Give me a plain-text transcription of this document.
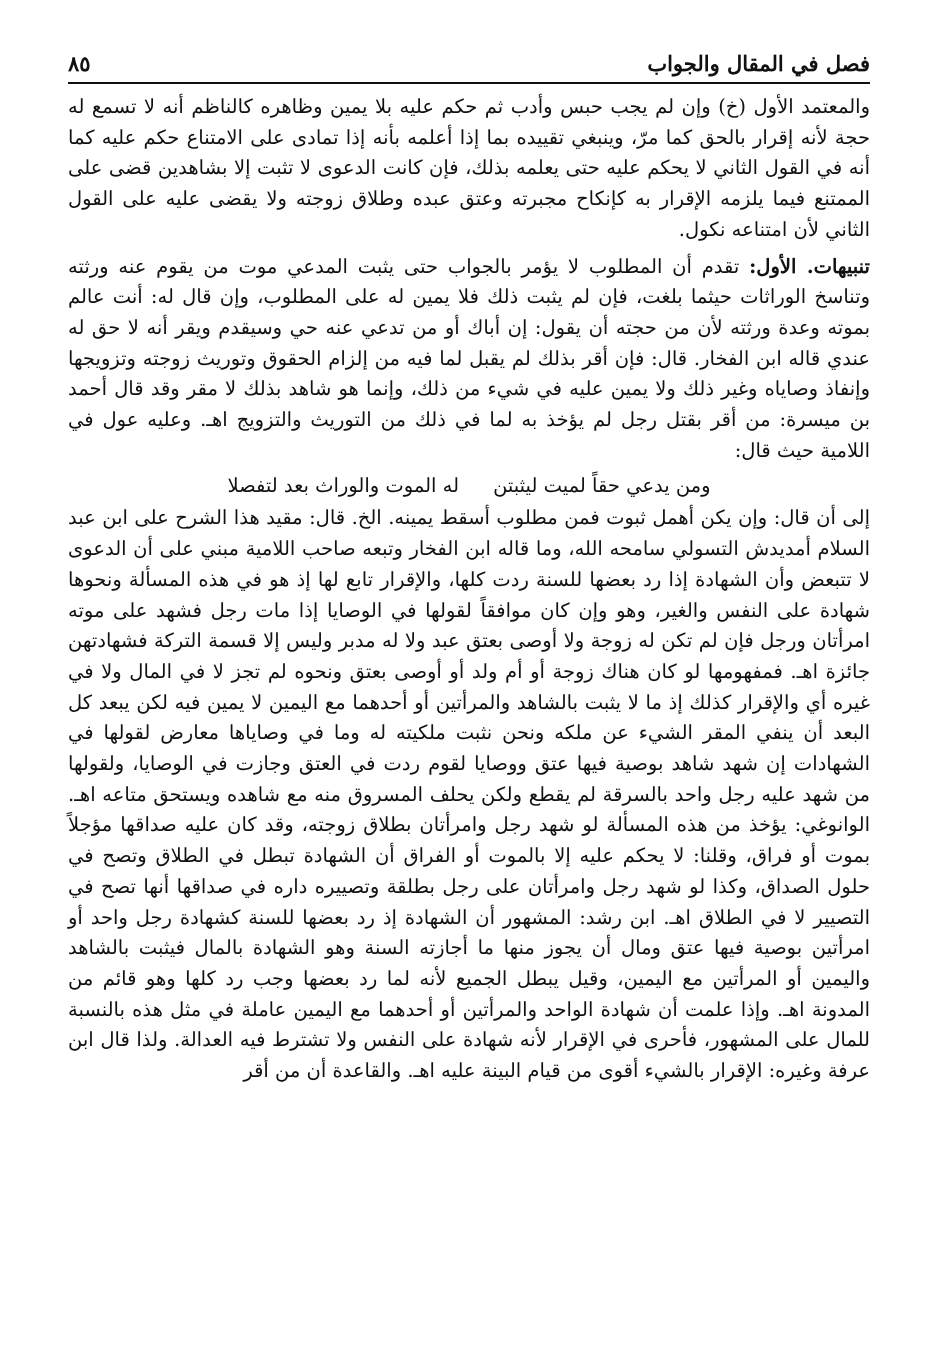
فصل في المقال والجواب
٨٥

والمعتمد الأول (خ) وإن لم يجب حبس وأدب ثم حكم عليه بلا يمين وظاهره كالناظم أنه لا تسمع له حجة لأنه إقرار بالحق كما مرّ، وينبغي تقييده بما إذا أعلمه بأنه إذا تمادى على الامتناع حكم عليه كما أنه في القول الثاني لا يحكم عليه حتى يعلمه بذلك، فإن كانت الدعوى لا تثبت إلا بشاهدين قضى على الممتنع فيما يلزمه الإقرار به كإنكاح مجبرته وعتق عبده وطلاق زوجته ولا يقضى عليه على القول الثاني لأن امتناعه نكول.

تنبيهات. الأول: تقدم أن المطلوب لا يؤمر بالجواب حتى يثبت المدعي موت من يقوم عنه ورثته وتناسخ الوراثات حيثما بلغت، فإن لم يثبت ذلك فلا يمين له على المطلوب، وإن قال له: أنت عالم بموته وعدة ورثته لأن من حجته أن يقول: إن أباك أو من تدعي عنه حي وسيقدم ويقر أنه لا حق له عندي قاله ابن الفخار. قال: فإن أقر بذلك لم يقبل لما فيه من إلزام الحقوق وتوريث زوجته وتزويجها وإنفاذ وصاياه وغير ذلك ولا يمين عليه في شيء من ذلك، وإنما هو شاهد بذلك لا مقر وقد قال أحمد بن ميسرة: من أقر بقتل رجل لم يؤخذ به لما في ذلك من التوريث والتزويج اهـ. وعليه عول في اللامية حيث قال:

ومن يدعي حقاً لميت ليثبتن
له الموت والوراث بعد لتفصلا

إلى أن قال: وإن يكن أهمل ثبوت فمن مطلوب أسقط يمينه. الخ. قال: مقيد هذا الشرح على ابن عبد السلام أمديدش التسولي سامحه الله، وما قاله ابن الفخار وتبعه صاحب اللامية مبني على أن الدعوى لا تتبعض وأن الشهادة إذا رد بعضها للسنة ردت كلها، والإقرار تابع لها إذ هو في هذه المسألة ونحوها شهادة على النفس والغير، وهو وإن كان موافقاً لقولها في الوصايا إذا مات رجل فشهد على موته امرأتان ورجل فإن لم تكن له زوجة ولا أوصى بعتق عبد ولا له مدبر وليس إلا قسمة التركة فشهادتهن جائزة اهـ. فمفهومها لو كان هناك زوجة أو أم ولد أو أوصى بعتق ونحوه لم تجز لا في المال ولا في غيره أي والإقرار كذلك إذ ما لا يثبت بالشاهد والمرأتين أو أحدهما مع اليمين لا يمين فيه لكن يبعد كل البعد أن ينفي المقر الشيء عن ملكه ونحن نثبت ملكيته له وما في وصاياها معارض لقولها في الشهادات إن شهد شاهد بوصية فيها عتق ووصايا لقوم ردت في العتق وجازت في الوصايا، ولقولها من شهد عليه رجل واحد بالسرقة لم يقطع ولكن يحلف المسروق منه مع شاهده ويستحق متاعه اهـ. الوانوغي: يؤخذ من هذه المسألة لو شهد رجل وامرأتان بطلاق زوجته، وقد كان عليه صداقها مؤجلاً بموت أو فراق، وقلنا: لا يحكم عليه إلا بالموت أو الفراق أن الشهادة تبطل في الطلاق وتصح في حلول الصداق، وكذا لو شهد رجل وامرأتان على رجل بطلقة وتصييره داره في صداقها أنها تصح في التصيير لا في الطلاق اهـ. ابن رشد: المشهور أن الشهادة إذ رد بعضها للسنة كشهادة رجل واحد أو امرأتين بوصية فيها عتق ومال أن يجوز منها ما أجازته السنة وهو الشهادة بالمال فيثبت بالشاهد واليمين أو المرأتين مع اليمين، وقيل يبطل الجميع لأنه لما رد بعضها وجب رد كلها وهو قائم من المدونة اهـ. وإذا علمت أن شهادة الواحد والمرأتين أو أحدهما مع اليمين عاملة في مثل هذه بالنسبة للمال على المشهور، فأحرى في الإقرار لأنه شهادة على النفس ولا تشترط فيه العدالة. ولذا قال ابن عرفة وغيره: الإقرار بالشيء أقوى من قيام البينة عليه اهـ. والقاعدة أن من أقر
